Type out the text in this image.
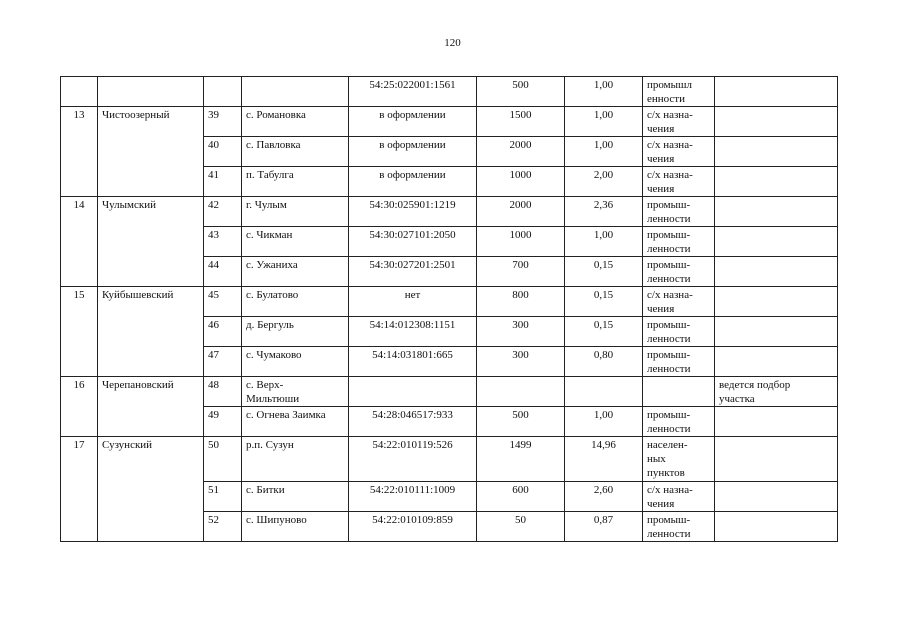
120
				54:25:022001:1561	500	1,00	промышл
енности	
13	Чистоозерный	39	с. Романовка	в оформлении	1500	1,00	с/х назна-
чения	
		40	с. Павловка	в оформлении	2000	1,00	с/х назна-
чения	
		41	п. Табулга	в оформлении	1000	2,00	с/х назна-
чения	
14	Чулымский	42	г. Чулым	54:30:025901:1219	2000	2,36	промыш-
ленности	
		43	с. Чикман	54:30:027101:2050	1000	1,00	промыш-
ленности	
		44	с. Ужаниха	54:30:027201:2501	700	0,15	промыш-
ленности	
15	Куйбышевский	45	с. Булатово	нет	800	0,15	с/х назна-
чения	
		46	д. Бергуль	54:14:012308:1151	300	0,15	промыш-
ленности	
		47	с. Чумаково	54:14:031801:665	300	0,80	промыш-
ленности	
16	Черепановский	48	с. Верх-
Мильтюши					ведется подбор
участка
		49	с. Огнева Заимка	54:28:046517:933	500	1,00	промыш-
ленности	
17	Сузунский	50	р.п. Сузун	54:22:010119:526	1499	14,96	населен-
ных
пунктов	
		51	с. Битки	54:22:010111:1009	600	2,60	с/х назна-
чения	
		52	с. Шипуново	54:22:010109:859	50	0,87	промыш-
ленности	
